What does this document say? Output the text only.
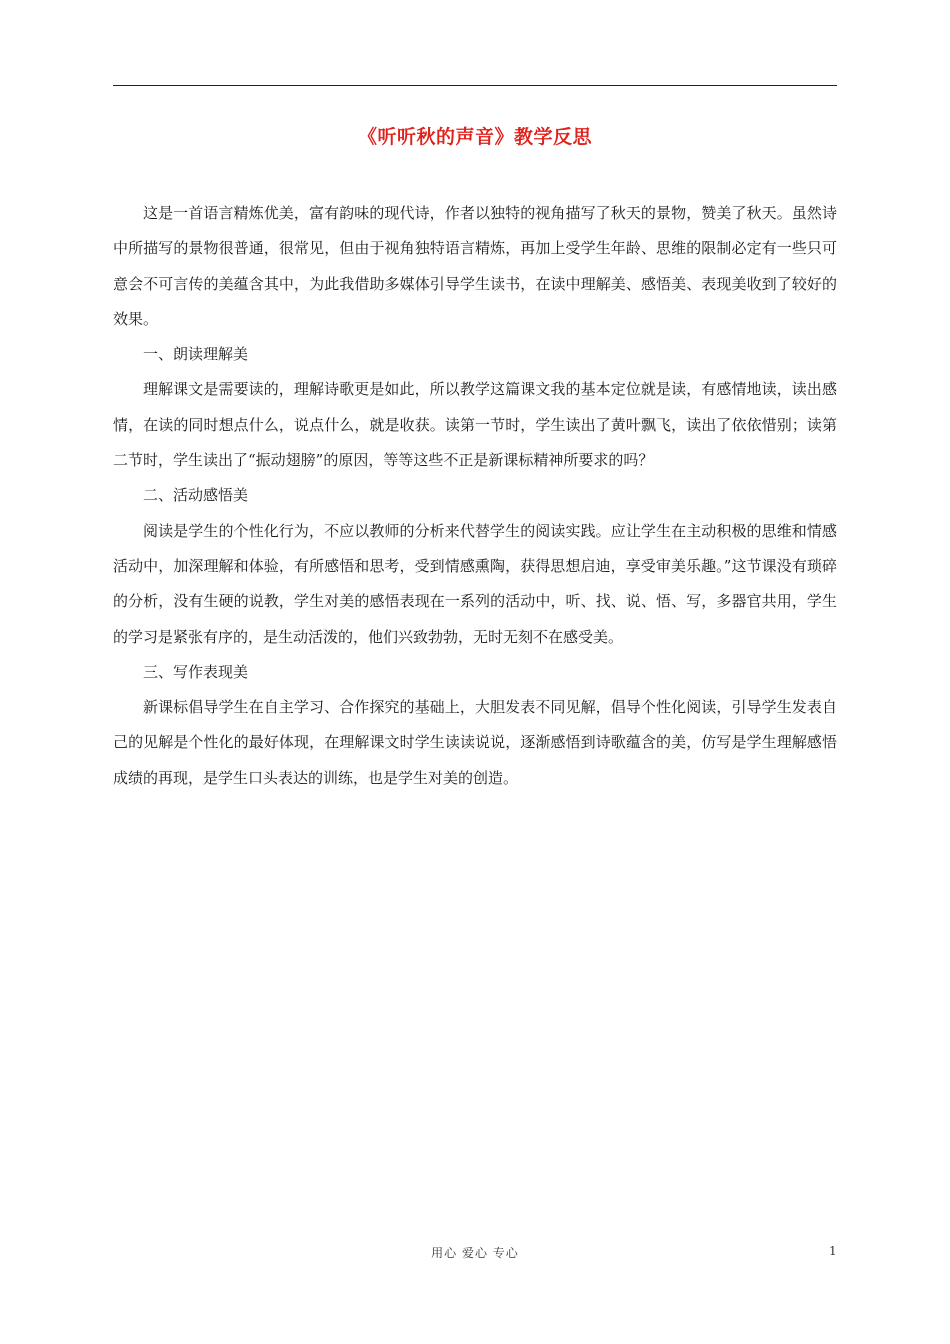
《听听秋的声音》教学反思

这是一首语言精炼优美，富有韵味的现代诗，作者以独特的视角描写了秋天的景物，赞美了秋天。虽然诗中所描写的景物很普通，很常见，但由于视角独特语言精炼，再加上受学生年龄、思维的限制必定有一些只可意会不可言传的美蕴含其中，为此我借助多媒体引导学生读书，在读中理解美、感悟美、表现美收到了较好的效果。

一、朗读理解美

理解课文是需要读的，理解诗歌更是如此，所以教学这篇课文我的基本定位就是读，有感情地读，读出感情，在读的同时想点什么，说点什么，就是收获。读第一节时，学生读出了黄叶飘飞，读出了依依惜别；读第二节时，学生读出了“振动翅膀”的原因，等等这些不正是新课标精神所要求的吗？

二、活动感悟美

阅读是学生的个性化行为，不应以教师的分析来代替学生的阅读实践。应让学生在主动积极的思维和情感活动中，加深理解和体验，有所感悟和思考，受到情感熏陶，获得思想启迪，享受审美乐趣。”这节课没有琐碎的分析，没有生硬的说教，学生对美的感悟表现在一系列的活动中，听、找、说、悟、写，多器官共用，学生的学习是紧张有序的，是生动活泼的，他们兴致勃勃，无时无刻不在感受美。

三、写作表现美

新课标倡导学生在自主学习、合作探究的基础上，大胆发表不同见解，倡导个性化阅读，引导学生发表自己的见解是个性化的最好体现，在理解课文时学生读读说说，逐渐感悟到诗歌蕴含的美，仿写是学生理解感悟成绩的再现，是学生口头表达的训练，也是学生对美的创造。

用心 爱心 专心	1
